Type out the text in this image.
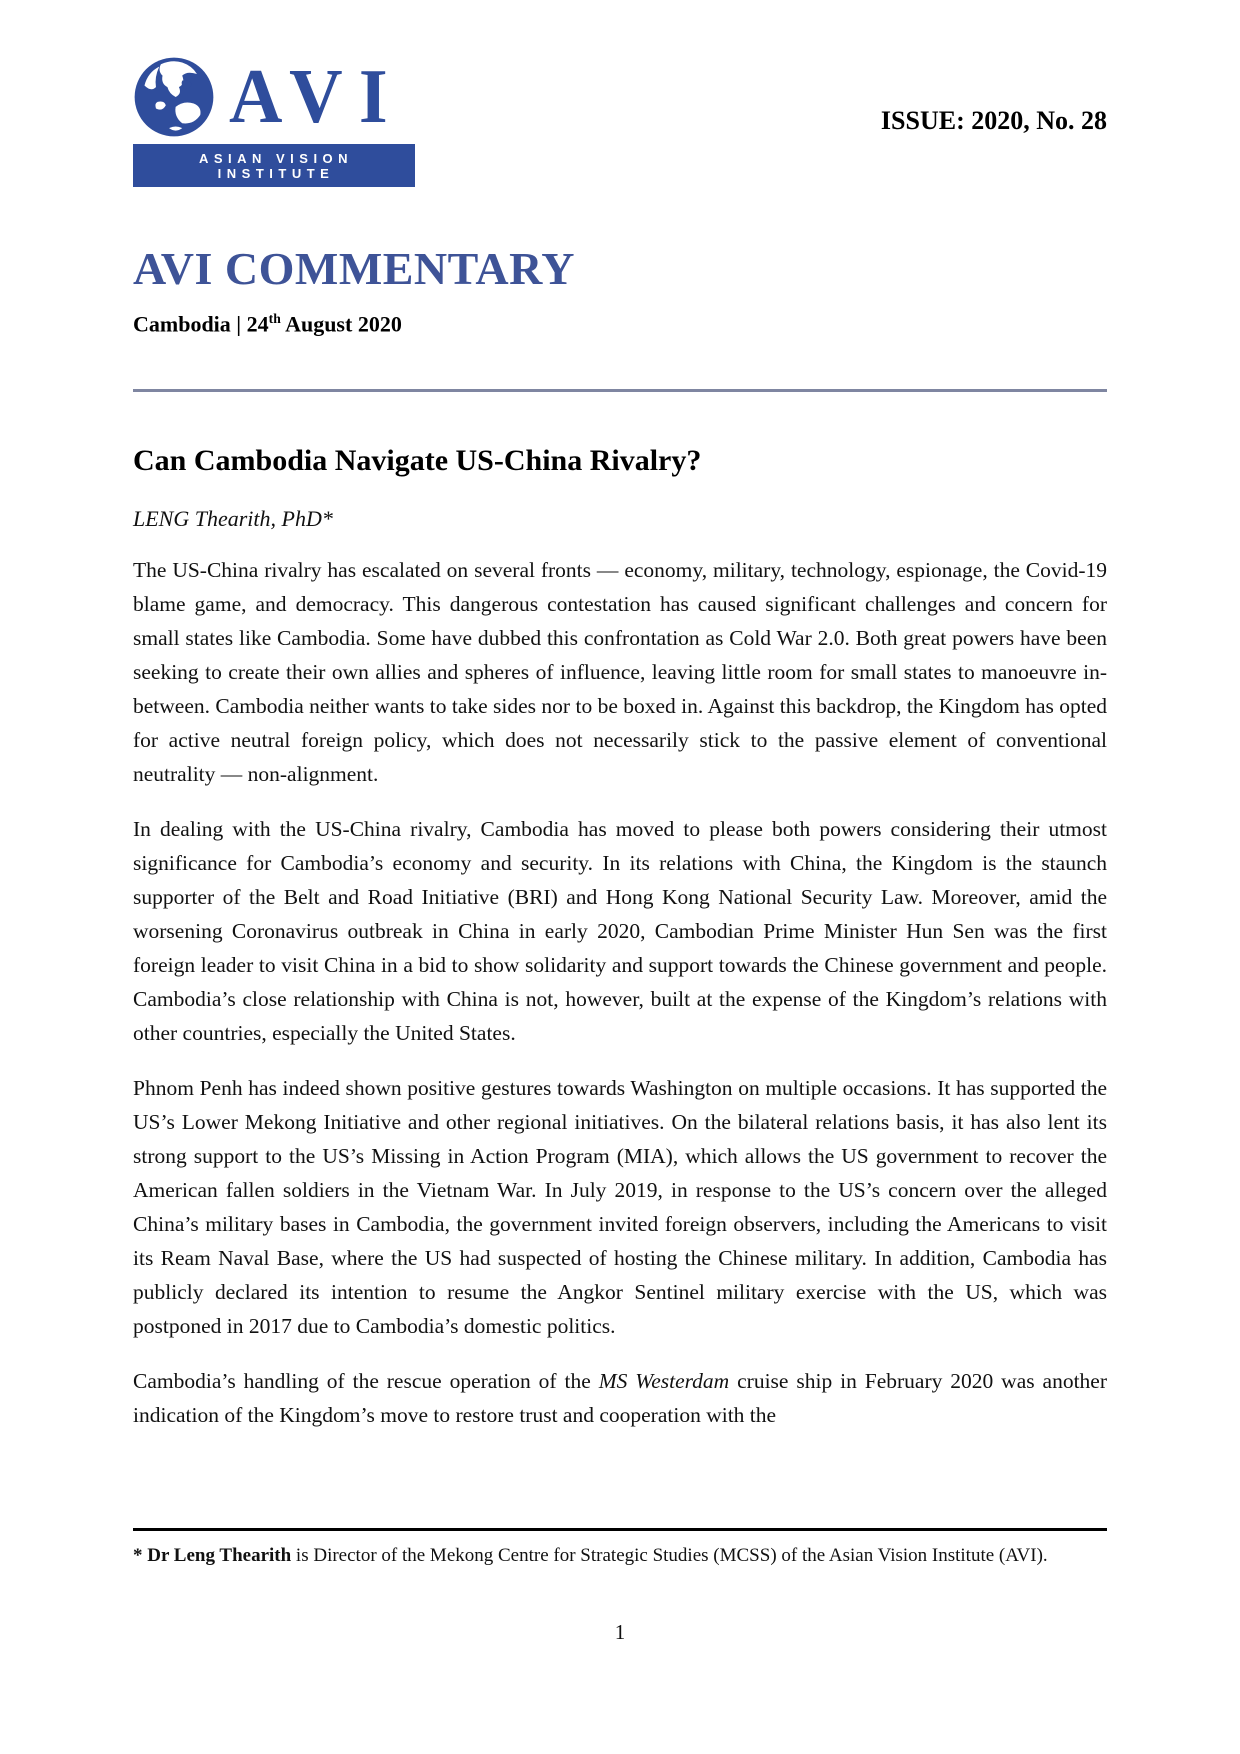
AVI
ASIAN VISION INSTITUTE
ISSUE: 2020, No. 28
AVI COMMENTARY
Cambodia | 24th August 2020
Can Cambodia Navigate US-China Rivalry?

LENG Thearith, PhD*

The US-China rivalry has escalated on several fronts — economy, military, technology, espionage, the Covid-19 blame game, and democracy. This dangerous contestation has caused significant challenges and concern for small states like Cambodia. Some have dubbed this confrontation as Cold War 2.0. Both great powers have been seeking to create their own allies and spheres of influence, leaving little room for small states to manoeuvre in-between. Cambodia neither wants to take sides nor to be boxed in. Against this backdrop, the Kingdom has opted for active neutral foreign policy, which does not necessarily stick to the passive element of conventional neutrality — non-alignment.

In dealing with the US-China rivalry, Cambodia has moved to please both powers considering their utmost significance for Cambodia’s economy and security. In its relations with China, the Kingdom is the staunch supporter of the Belt and Road Initiative (BRI) and Hong Kong National Security Law. Moreover, amid the worsening Coronavirus outbreak in China in early 2020, Cambodian Prime Minister Hun Sen was the first foreign leader to visit China in a bid to show solidarity and support towards the Chinese government and people. Cambodia’s close relationship with China is not, however, built at the expense of the Kingdom’s relations with other countries, especially the United States.

Phnom Penh has indeed shown positive gestures towards Washington on multiple occasions. It has supported the US’s Lower Mekong Initiative and other regional initiatives. On the bilateral relations basis, it has also lent its strong support to the US’s Missing in Action Program (MIA), which allows the US government to recover the American fallen soldiers in the Vietnam War. In July 2019, in response to the US’s concern over the alleged China’s military bases in Cambodia, the government invited foreign observers, including the Americans to visit its Ream Naval Base, where the US had suspected of hosting the Chinese military. In addition, Cambodia has publicly declared its intention to resume the Angkor Sentinel military exercise with the US, which was postponed in 2017 due to Cambodia’s domestic politics.

Cambodia’s handling of the rescue operation of the MS Westerdam cruise ship in February 2020 was another indication of the Kingdom’s move to restore trust and cooperation with the

* Dr Leng Thearith is Director of the Mekong Centre for Strategic Studies (MCSS) of the Asian Vision Institute (AVI).

1
